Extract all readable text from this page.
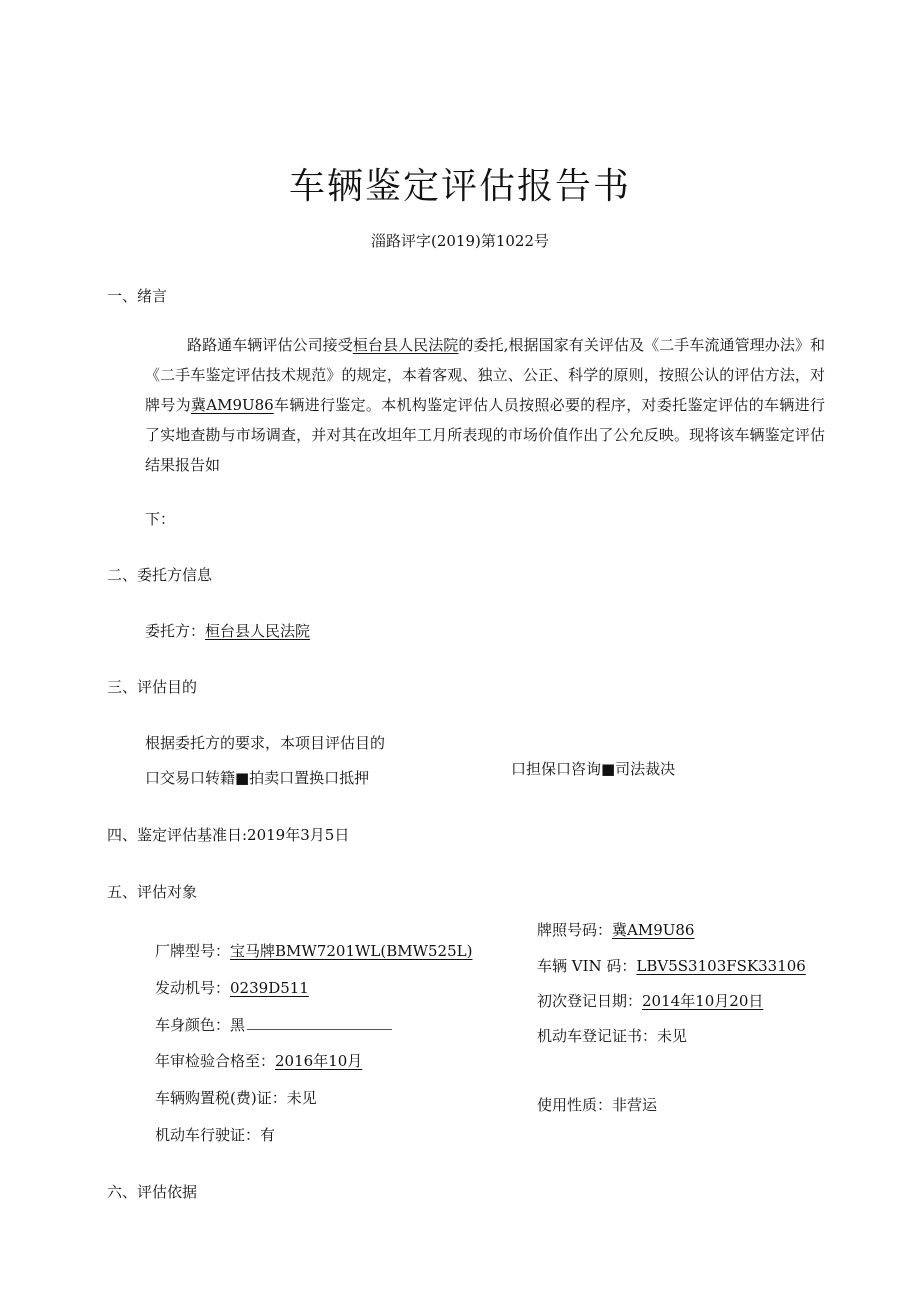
车辆鉴定评估报告书
淄路评字(2019)第1022号
一、绪言

路路通车辆评估公司接受桓台县人民法院的委托,根据国家有关评估及《二手车流通管理办法》和《二手车鉴定评估技术规范》的规定，本着客观、独立、公正、科学的原则，按照公认的评估方法，对牌号为冀AM9U86车辆进行鉴定。本机构鉴定评估人员按照必要的程序，对委托鉴定评估的车辆进行了实地查勘与市场调查，并对其在改坦年工月所表现的市场价值作出了公允反映。现将该车辆鉴定评估结果报告如

下：
二、委托方信息
委托方：桓台县人民法院
三、评估目的
根据委托方的要求，本项目评估目的
口交易口转籍■拍卖口置换口抵押	口担保口咨询■司法裁决
四、鉴定评估基准日:2019年3月5日
五、评估对象
厂牌型号：宝马牌BMW7201WL(BMW525L)
发动机号：0239D511
车身颜色：黑
年审检验合格至：2016年10月
车辆购置税(费)证：未见
机动车行驶证：有
牌照号码：冀AM9U86
车辆 VIN 码：LBV5S3103FSK33106
初次登记日期：2014年10月20日
机动车登记证书：未见
使用性质：非营运
六、评估依据
